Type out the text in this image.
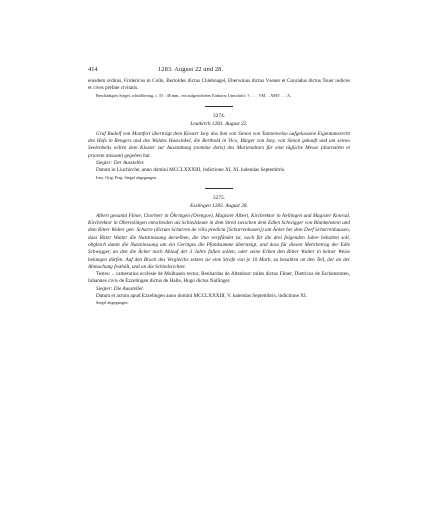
414	1283. August 22 und 28.

eiusdem ordinis, Fridericus in Colle, Bertoldes dictus Chlebnagel, Eberwinus dictus Vsener et Conradus dictus Tsuer iudices et cives prefate civitatis.

Beschädigtes Siegel, schildförmig, c. 55 : 48 mm., ein aufgerichtetes Einhorn; Umschrift: † . . . . VM . . AMV . . . A.

3274.
Leutkirch 1283. August 22.

Graf Rudolf von Montfort überträgt dem Kloster Isny das ihm von Simon von Tannenvelso aufgelassene Eigentumsrecht des Hofs in Rengers und des Waldes Huswinkel, die Berthold in Vico, Bürger von Isny, von Simon gekauft und um seines Seelenheils willen dem Kloster zur Ausstattung (nomine dotis) des Marienaltars für eine tägliche Messe (diurnalem et priorem missam) gegeben hat.

Siegler: Der Aussteller.

Datum in Liuchirche, anno domini MCCLXXXIII, indictione XI, XI. kalendas Septembris.

Isny. Orig. Perg. Siegel abgegangen.

3275.
Esslingen 1283. August 28.

Albert genannt Fliner, Chorherr in Öhringen (Orengoe), Magister Albert, Kirchrektor in Nellingen und Magister Konrad, Kirchrektor in Obereslingen entscheiden als Schiedsleute in dem Streit zwischen dem Edlen Schwigger von Blankenstein und dem Ritter Walter gen. Scharre (dictum Scharren de villa predicta [Scharrenhusen]) um Äcker bei dem Dorf Scharrenhausen, dass Ritter Walter die Nutzniessung derselben, die ihm verpfändet ist, noch für die drei folgenden Jahre behalten soll, obgleich damit die Nutzniessung um ein Geringes die Pfandsumme übersteigt, und dass für diesen Mehrbetrag der Edle Schwigger, an den die Äcker nach Ablauf der 3 Jahre fallen sollen, oder seine Erben den Ritter Walter in keiner Weise belangen dürfen. Auf den Bruch des Vergleichs setzen sie eine Strafe von je 10 Mark, zu bezahlen an den Teil, der an der Abmachung festhält, und an die Schiedsrichter.

Testes: .. camerarius ecclesie de Mulhusen rector, Renhardus de Altenburc miles dictus Fliner, Dietricus de Eschenstoten, Iohannes civis de Ezzelingen dictus de Halle, Hugo dictus Nallinger.

Siegler: Die Aussteller.

Datum et actum apud Ezzelingen anno domini MCCLXXXIII, V. kalendas Septembris, indictione XI.

Siegel abgegangen.
